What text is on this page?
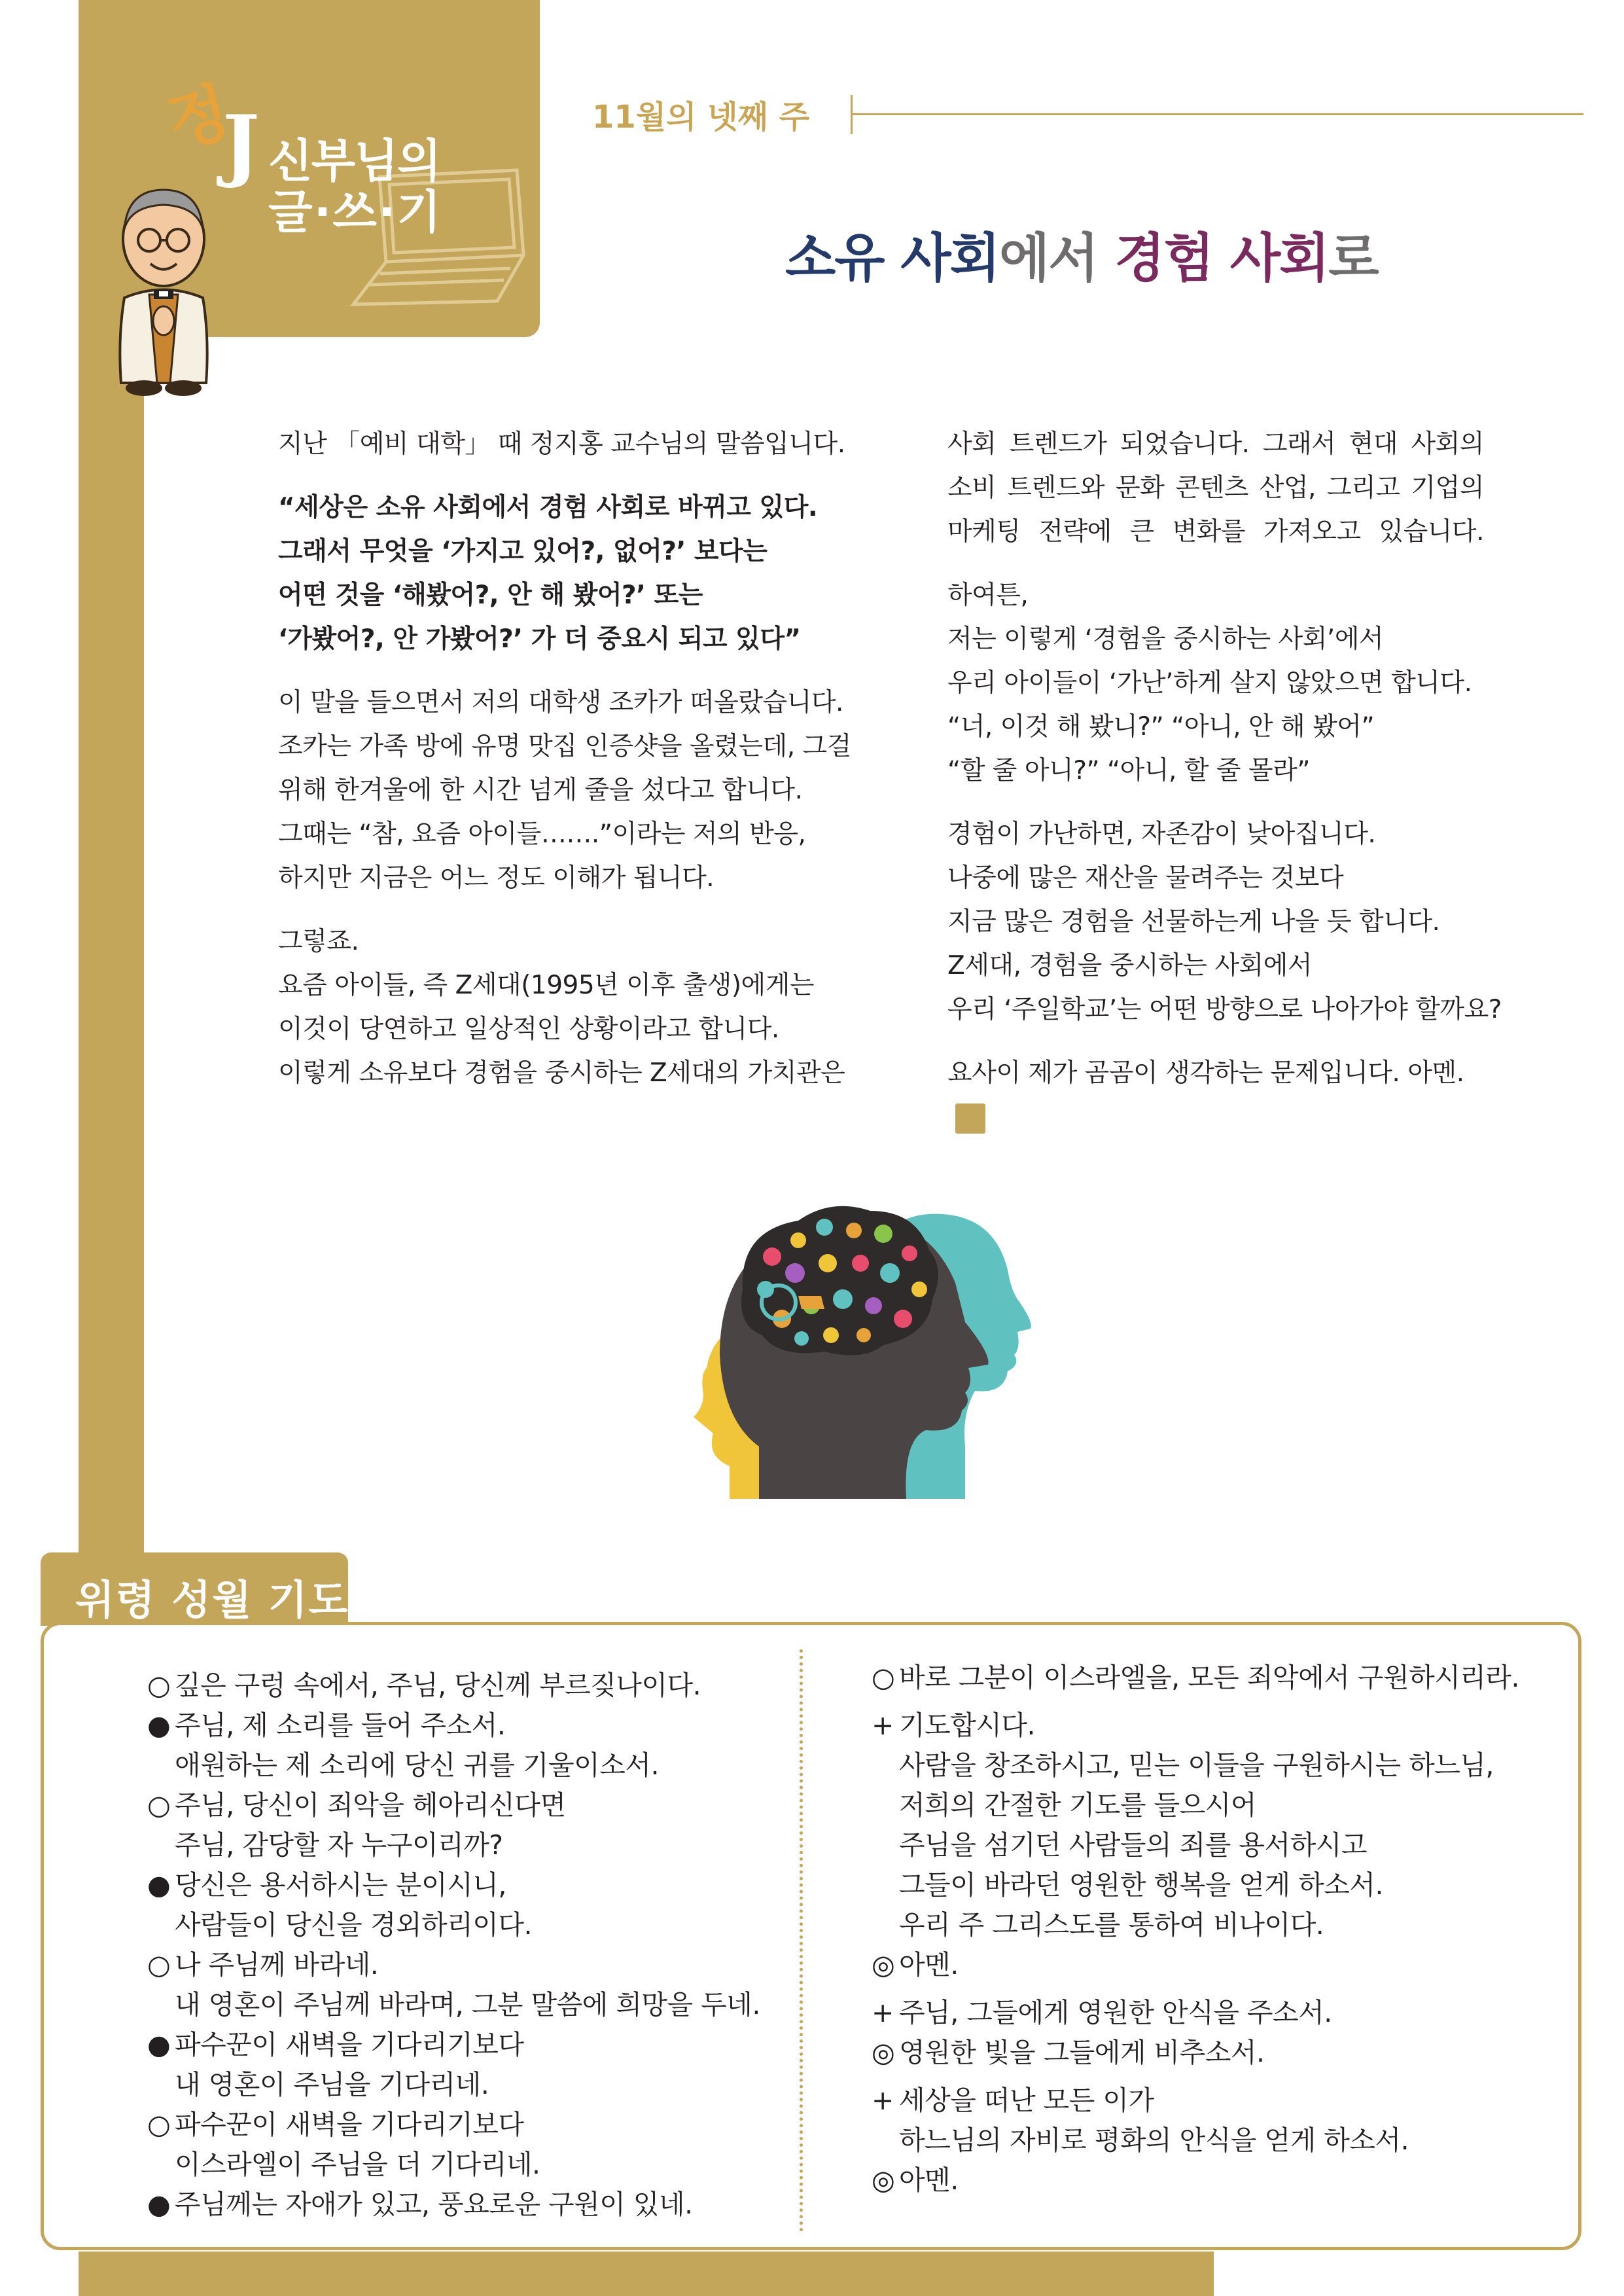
정
J 신부님의
글·쓰·기
11월의 넷째 주
소유 사회에서 경험 사회로

지난 「예비 대학」 때 정지홍 교수님의 말씀입니다.

“세상은 소유 사회에서 경험 사회로 바뀌고 있다.
그래서 무엇을 ‘가지고 있어?, 없어?’ 보다는
어떤 것을 ‘해봤어?, 안 해 봤어?’ 또는
‘가봤어?, 안 가봤어?’ 가 더 중요시 되고 있다”

이 말을 들으면서 저의 대학생 조카가 떠올랐습니다.
조카는 가족 방에 유명 맛집 인증샷을 올렸는데, 그걸
위해 한겨울에 한 시간 넘게 줄을 섰다고 합니다.
그때는 “참, 요즘 아이들…….”이라는 저의 반응,
하지만 지금은 어느 정도 이해가 됩니다.

그렇죠.
요즘 아이들, 즉 Z세대(1995년 이후 출생)에게는
이것이 당연하고 일상적인 상황이라고 합니다.
이렇게 소유보다 경험을 중시하는 Z세대의 가치관은

사회 트렌드가 되었습니다. 그래서 현대 사회의
소비 트렌드와 문화 콘텐츠 산업, 그리고 기업의
마케팅 전략에 큰 변화를 가져오고 있습니다.

하여튼,
저는 이렇게 ‘경험을 중시하는 사회’에서
우리 아이들이 ‘가난’하게 살지 않았으면 합니다.
“너, 이것 해 봤니?” “아니, 안 해 봤어”
“할 줄 아니?” “아니, 할 줄 몰라”

경험이 가난하면, 자존감이 낮아집니다.
나중에 많은 재산을 물려주는 것보다
지금 많은 경험을 선물하는게 나을 듯 합니다.
Z세대, 경험을 중시하는 사회에서
우리 ‘주일학교’는 어떤 방향으로 나아가야 할까요?

요사이 제가 곰곰이 생각하는 문제입니다. 아멘.

위령 성월 기도
○ 깊은 구렁 속에서, 주님, 당신께 부르짖나이다.
● 주님, 제 소리를 들어 주소서.
애원하는 제 소리에 당신 귀를 기울이소서.
○ 주님, 당신이 죄악을 헤아리신다면
주님, 감당할 자 누구이리까?
● 당신은 용서하시는 분이시니,
사람들이 당신을 경외하리이다.
○ 나 주님께 바라네.
내 영혼이 주님께 바라며, 그분 말씀에 희망을 두네.
● 파수꾼이 새벽을 기다리기보다
내 영혼이 주님을 기다리네.
○ 파수꾼이 새벽을 기다리기보다
이스라엘이 주님을 더 기다리네.
● 주님께는 자애가 있고, 풍요로운 구원이 있네.
○ 바로 그분이 이스라엘을, 모든 죄악에서 구원하시리라.
+ 기도합시다.
사람을 창조하시고, 믿는 이들을 구원하시는 하느님,
저희의 간절한 기도를 들으시어
주님을 섬기던 사람들의 죄를 용서하시고
그들이 바라던 영원한 행복을 얻게 하소서.
우리 주 그리스도를 통하여 비나이다.
◎ 아멘.
+ 주님, 그들에게 영원한 안식을 주소서.
◎ 영원한 빛을 그들에게 비추소서.
+ 세상을 떠난 모든 이가
하느님의 자비로 평화의 안식을 얻게 하소서.
◎ 아멘.
